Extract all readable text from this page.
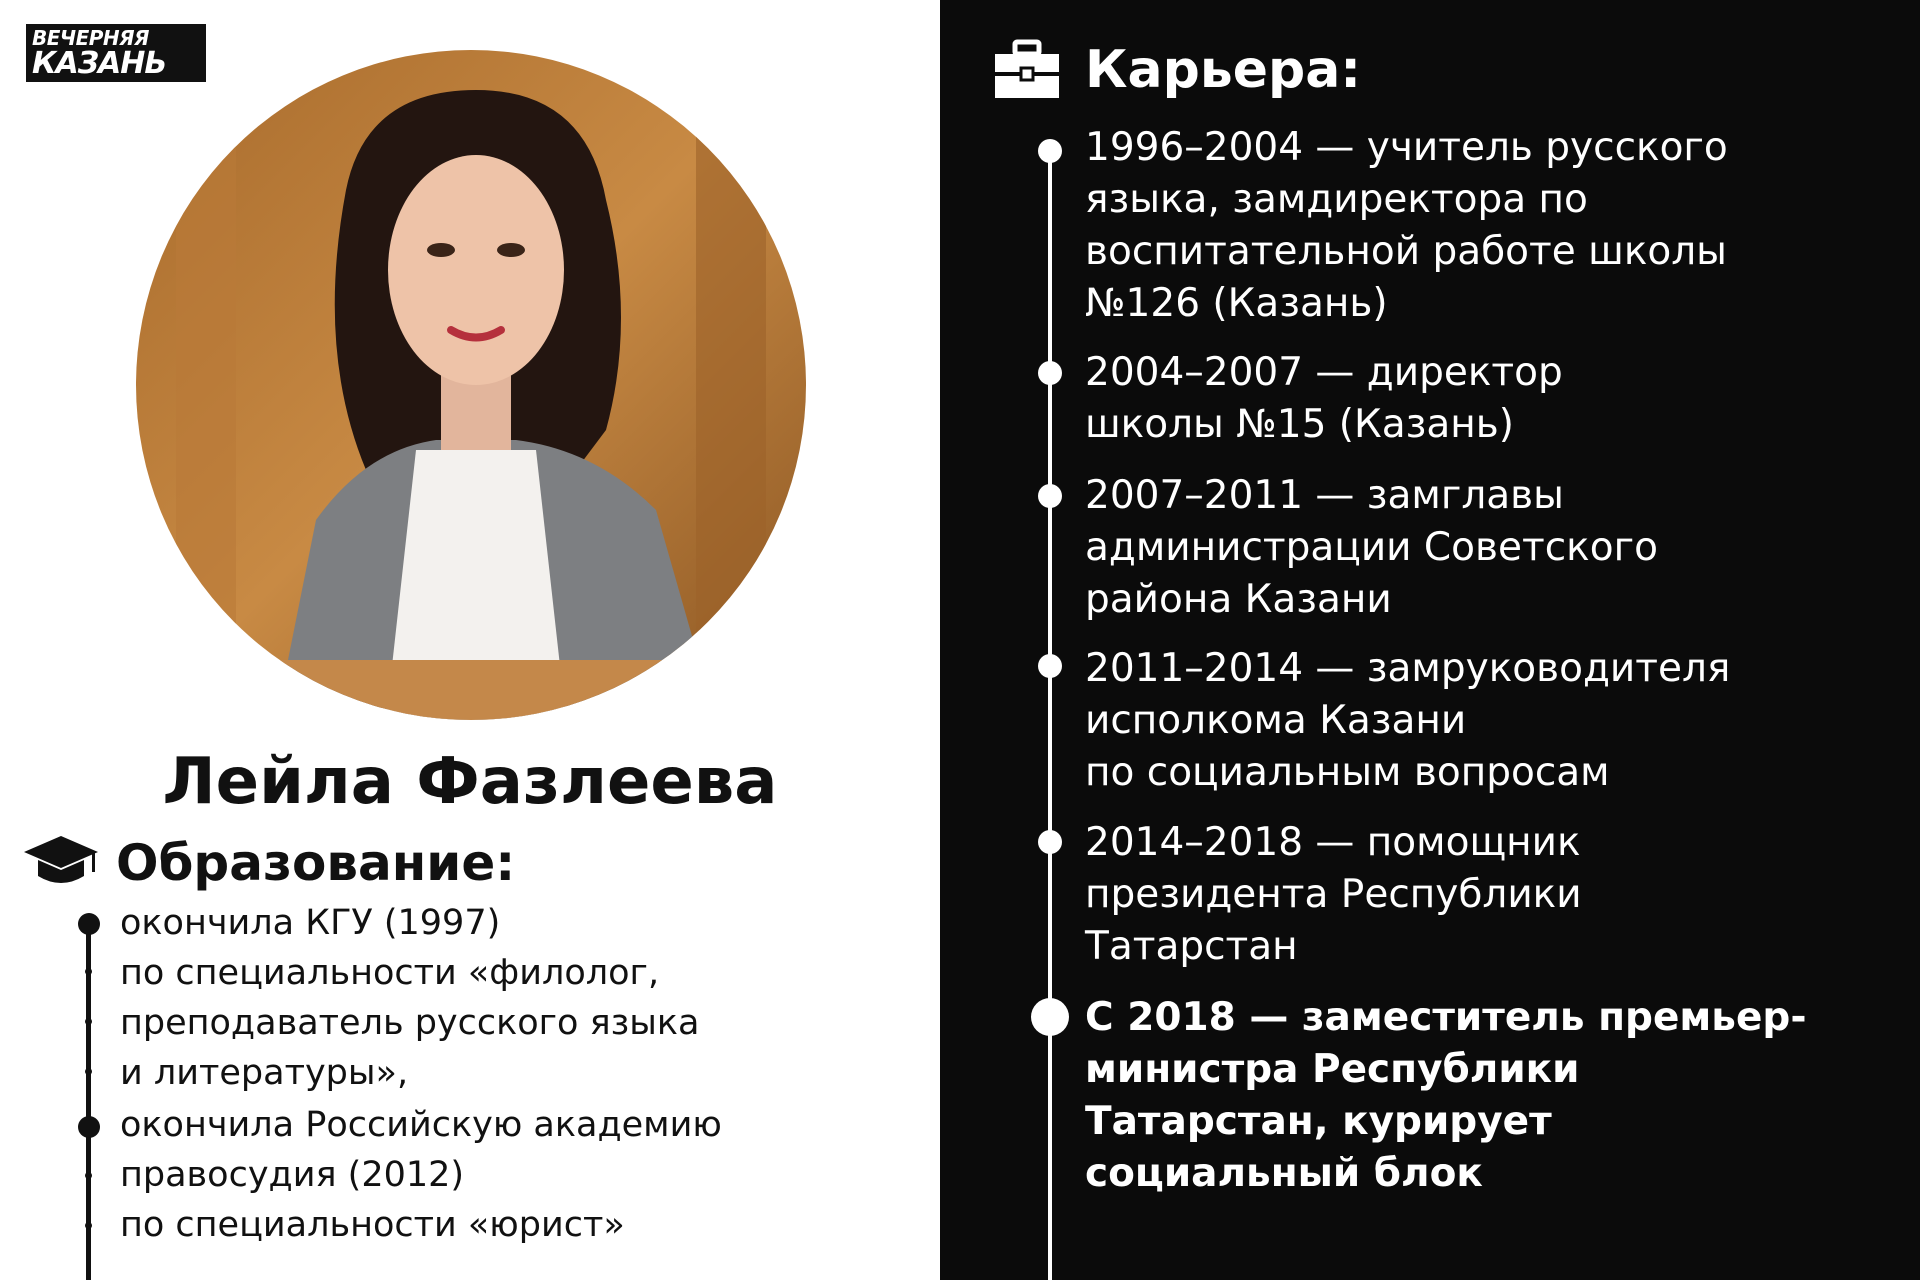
ВЕЧЕРНЯЯ
КАЗАНЬ
Лейла Фазлеева
Образование:
окончила КГУ (1997)
по специальности «филолог,
преподаватель русского языка
и литературы»,
окончила Российскую академию
правосудия (2012)
по специальности «юрист»
Карьера:
1996–2004 — учитель русского
языка, замдиректора по
воспитательной работе школы
№126 (Казань)
2004–2007 — директор
школы №15 (Казань)
2007–2011 — замглавы
администрации Советского
района Казани
2011–2014 — замруководителя
исполкома Казани
по социальным вопросам
2014–2018 — помощник
президента Республики
Татарстан
С 2018 — заместитель премьер-
министра Республики
Татарстан, курирует
социальный блок
